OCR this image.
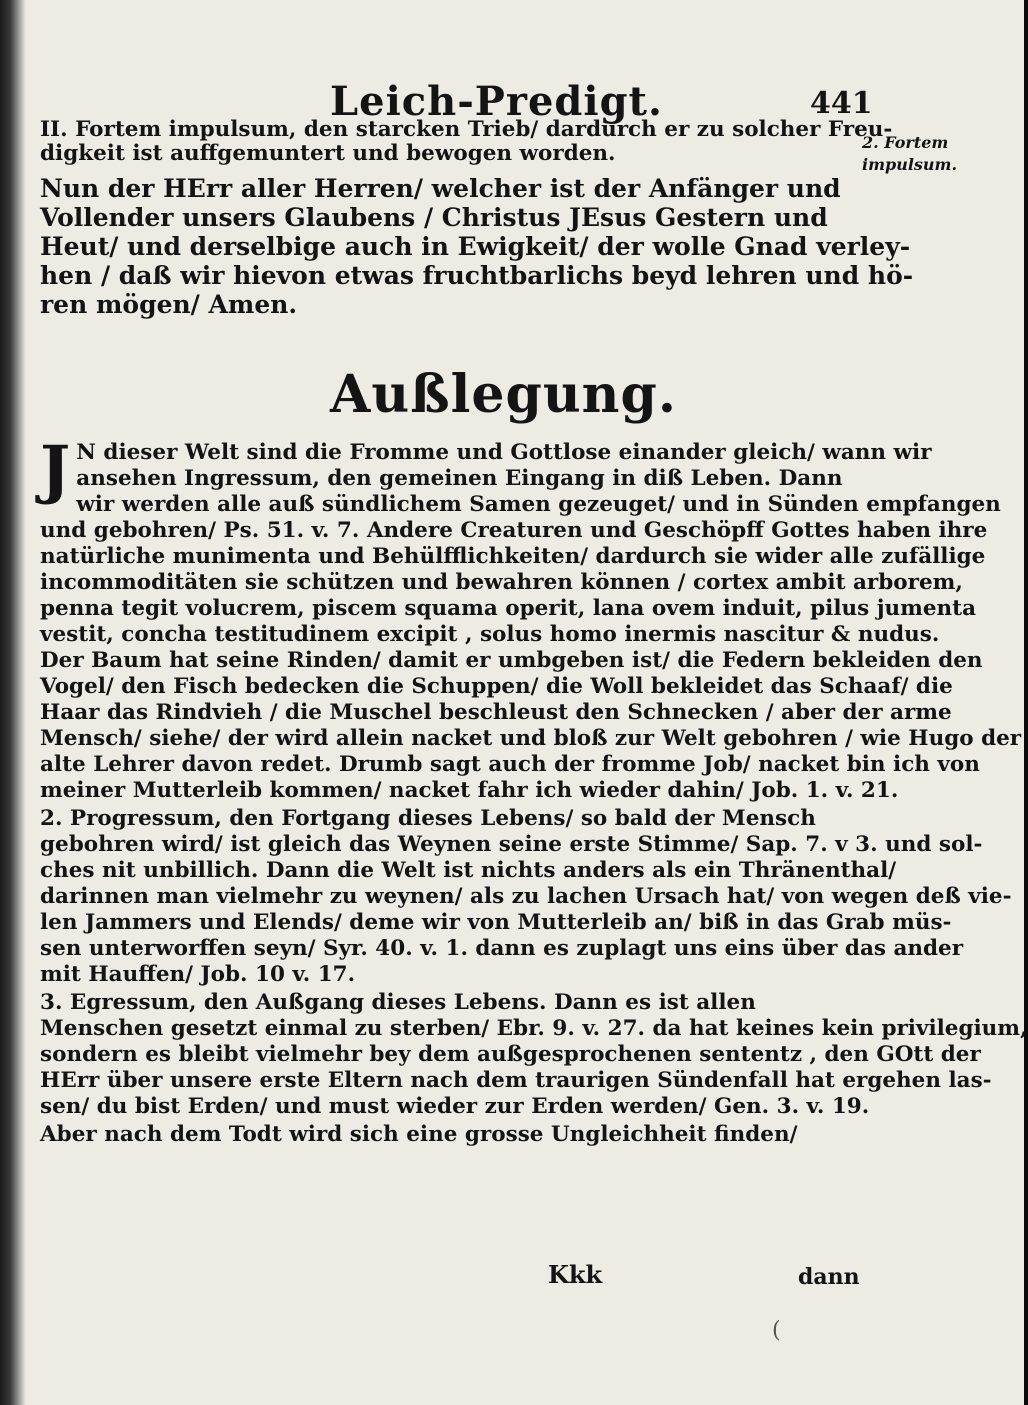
Leich-Predigt.	441
2. Fortem
impulsum.

II. Fortem impulsum, den starcken Trieb/ dardurch er zu solcher Freu-
digkeit ist auffgemuntert und bewogen worden.

Nun der HErr aller Herren/ welcher ist der Anfänger und
Vollender unsers Glaubens / Christus JEsus Gestern und
Heut/ und derselbige auch in Ewigkeit/ der wolle Gnad verley-
hen / daß wir hievon etwas fruchtbarlichs beyd lehren und hö-
ren mögen/ Amen.

Außlegung.

J N dieser Welt sind die Fromme und Gottlose einander gleich/ wann wir
ansehen Ingressum, den gemeinen Eingang in diß Leben. Dann
wir werden alle auß sündlichem Samen gezeuget/ und in Sünden empfangen
und gebohren/ Ps. 51. v. 7. Andere Creaturen und Geschöpff Gottes haben ihre
natürliche munimenta und Behülfflichkeiten/ dardurch sie wider alle zufällige
incommoditäten sie schützen und bewahren können / cortex ambit arborem,
penna tegit volucrem, piscem squama operit, lana ovem induit, pilus jumenta
vestit, concha testitudinem excipit , solus homo inermis nascitur & nudus.
Der Baum hat seine Rinden/ damit er umbgeben ist/ die Federn bekleiden den
Vogel/ den Fisch bedecken die Schuppen/ die Woll bekleidet das Schaaf/ die
Haar das Rindvieh / die Muschel beschleust den Schnecken / aber der arme
Mensch/ siehe/ der wird allein nacket und bloß zur Welt gebohren / wie Hugo der
alte Lehrer davon redet. Drumb sagt auch der fromme Job/ nacket bin ich von
meiner Mutterleib kommen/ nacket fahr ich wieder dahin/ Job. 1. v. 21.

2. Progressum, den Fortgang dieses Lebens/ so bald der Mensch
gebohren wird/ ist gleich das Weynen seine erste Stimme/ Sap. 7. v 3. und sol-
ches nit unbillich. Dann die Welt ist nichts anders als ein Thränenthal/
darinnen man vielmehr zu weynen/ als zu lachen Ursach hat/ von wegen deß vie-
len Jammers und Elends/ deme wir von Mutterleib an/ biß in das Grab müs-
sen unterworffen seyn/ Syr. 40. v. 1. dann es zuplagt uns eins über das ander
mit Hauffen/ Job. 10 v. 17.

3. Egressum, den Außgang dieses Lebens. Dann es ist allen
Menschen gesetzt einmal zu sterben/ Ebr. 9. v. 27. da hat keines kein privilegium,
sondern es bleibt vielmehr bey dem außgesprochenen sententz , den GOtt der
HErr über unsere erste Eltern nach dem traurigen Sündenfall hat ergehen las-
sen/ du bist Erden/ und must wieder zur Erden werden/ Gen. 3. v. 19.

Aber nach dem Todt wird sich eine grosse Ungleichheit finden/

Kkk	dann
(
